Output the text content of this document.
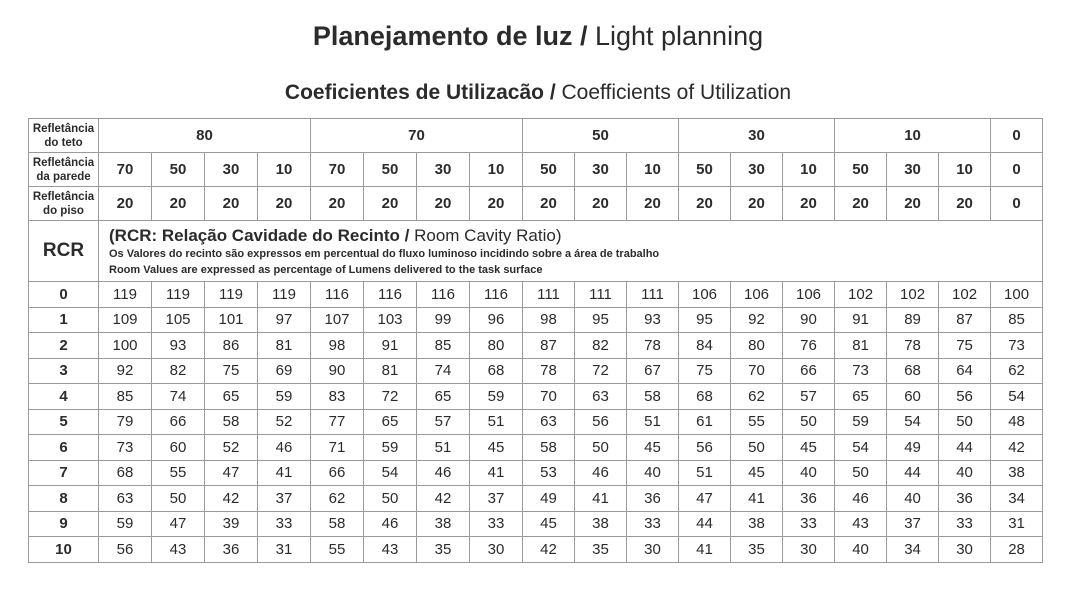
Planejamento de luz / Light planning
Coeficientes de Utilizacão / Coefficients of Utilization
Refletância do teto	80				70				50			30			10			0
Refletância da parede	70	50	30	10	70	50	30	10	50	30	10	50	30	10	50	30	10	0
Refletância do piso	20	20	20	20	20	20	20	20	20	20	20	20	20	20	20	20	20	0
RCR	(RCR: Relação Cavidade do Recinto / Room Cavity Ratio)
Os Valores do recinto são expressos em percentual do fluxo luminoso incidindo sobre a área de trabalho
Room Values are expressed as percentage of Lumens delivered to the task surface																	

0	119	119	119	119	116	116	116	116	111	111	111	106	106	106	102	102	102	100
1	109	105	101	97	107	103	99	96	98	95	93	95	92	90	91	89	87	85
2	100	93	86	81	98	91	85	80	87	82	78	84	80	76	81	78	75	73
3	92	82	75	69	90	81	74	68	78	72	67	75	70	66	73	68	64	62
4	85	74	65	59	83	72	65	59	70	63	58	68	62	57	65	60	56	54
5	79	66	58	52	77	65	57	51	63	56	51	61	55	50	59	54	50	48
6	73	60	52	46	71	59	51	45	58	50	45	56	50	45	54	49	44	42
7	68	55	47	41	66	54	46	41	53	46	40	51	45	40	50	44	40	38
8	63	50	42	37	62	50	42	37	49	41	36	47	41	36	46	40	36	34
9	59	47	39	33	58	46	38	33	45	38	33	44	38	33	43	37	33	31
10	56	43	36	31	55	43	35	30	42	35	30	41	35	30	40	34	30	28
